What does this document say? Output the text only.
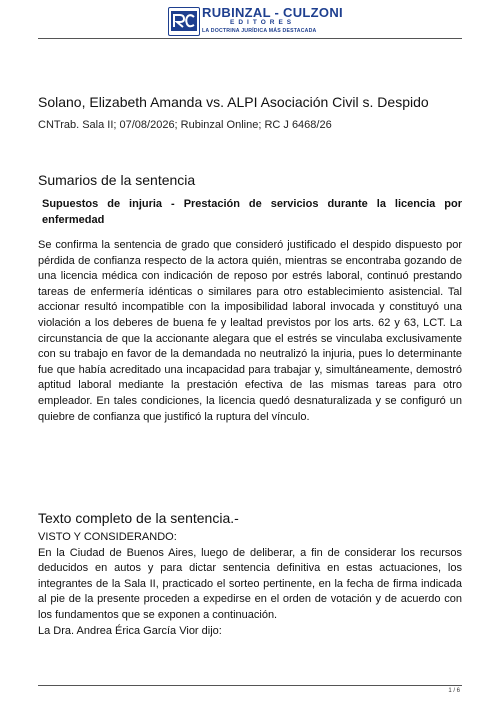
RUBINZAL - CULZONI
EDITORES
LA DOCTRINA JURÍDICA MÁS DESTACADA
Solano, Elizabeth Amanda vs. ALPI Asociación Civil s. Despido

CNTrab. Sala II; 07/08/2026; Rubinzal Online; RC J 6468/26

Sumarios de la sentencia

Supuestos de injuria - Prestación de servicios durante la licencia por enfermedad

Se confirma la sentencia de grado que consideró justificado el despido dispuesto por pérdida de confianza respecto de la actora quién, mientras se encontraba gozando de una licencia médica con indicación de reposo por estrés laboral, continuó prestando tareas de enfermería idénticas o similares para otro establecimiento asistencial. Tal accionar resultó incompatible con la imposibilidad laboral invocada y constituyó una violación a los deberes de buena fe y lealtad previstos por los arts. 62 y 63, LCT. La circunstancia de que la accionante alegara que el estrés se vinculaba exclusivamente con su trabajo en favor de la demandada no neutralizó la injuria, pues lo determinante fue que había acreditado una incapacidad para trabajar y, simultáneamente, demostró aptitud laboral mediante la prestación efectiva de las mismas tareas para otro empleador. En tales condiciones, la licencia quedó desnaturalizada y se configuró un quiebre de confianza que justificó la ruptura del vínculo.

Texto completo de la sentencia.-

VISTO Y CONSIDERANDO:

En la Ciudad de Buenos Aires, luego de deliberar, a fin de considerar los recursos deducidos en autos y para dictar sentencia definitiva en estas actuaciones, los integrantes de la Sala II, practicado el sorteo pertinente, en la fecha de firma indicada al pie de la presente proceden a expedirse en el orden de votación y de acuerdo con los fundamentos que se exponen a continuación.

La Dra. Andrea Érica García Vior dijo:

1 / 6
